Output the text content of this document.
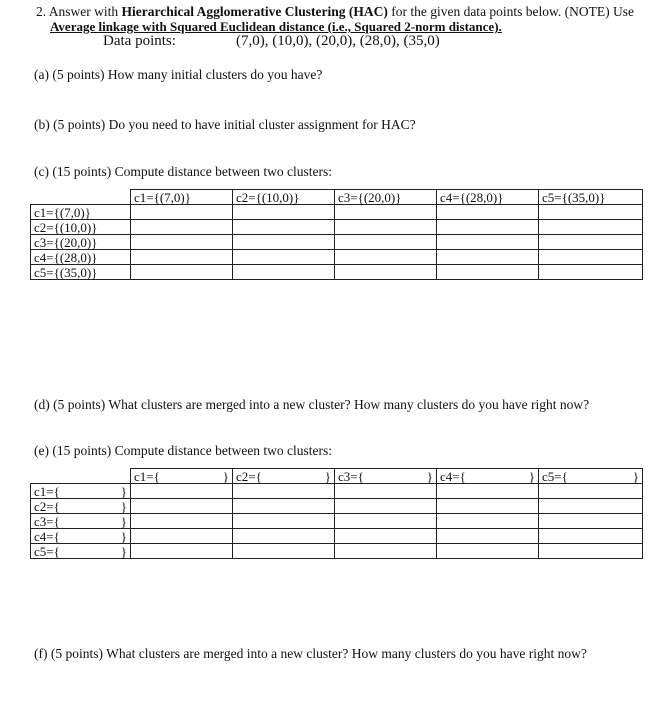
2. Answer with Hierarchical Agglomerative Clustering (HAC) for the given data points below. (NOTE) Use
Average linkage with Squared Euclidean distance (i.e., Squared 2-norm distance).
Data points:	(7,0), (10,0), (20,0), (28,0), (35,0)
(a) (5 points) How many initial clusters do you have?
(b) (5 points) Do you need to have initial cluster assignment for HAC?
(c) (15 points) Compute distance between two clusters:
	c1={(7,0)}	c2={(10,0)}	c3={(20,0)}	c4={(28,0)}	c5={(35,0)}
c1={(7,0)}					
c2={(10,0)}					
c3={(20,0)}					
c4={(28,0)}					
c5={(35,0)}					
(d) (5 points) What clusters are merged into a new cluster? How many clusters do you have right now?
(e) (15 points) Compute distance between two clusters:

	c1={ }	c2={ }	c3={ }	c4={ }	c5={ }

c1={ }					

c2={ }					

c3={ }					

c4={ }					

c5={ }					

(f) (5 points) What clusters are merged into a new cluster? How many clusters do you have right now?
